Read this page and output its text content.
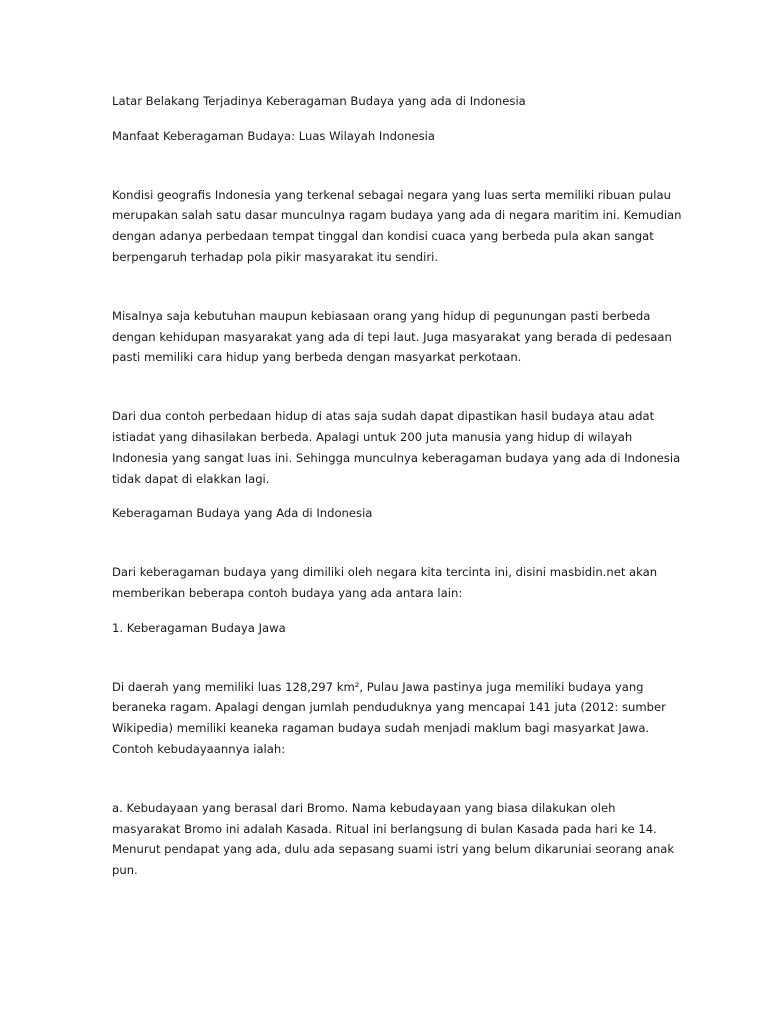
Latar Belakang Terjadinya Keberagaman Budaya yang ada di Indonesia

Manfaat Keberagaman Budaya: Luas Wilayah Indonesia

Kondisi geografis Indonesia yang terkenal sebagai negara yang luas serta memiliki ribuan pulau
merupakan salah satu dasar munculnya ragam budaya yang ada di negara maritim ini. Kemudian
dengan adanya perbedaan tempat tinggal dan kondisi cuaca yang berbeda pula akan sangat
berpengaruh terhadap pola pikir masyarakat itu sendiri.
Misalnya saja kebutuhan maupun kebiasaan orang yang hidup di pegunungan pasti berbeda
dengan kehidupan masyarakat yang ada di tepi laut. Juga masyarakat yang berada di pedesaan
pasti memiliki cara hidup yang berbeda dengan masyarkat perkotaan.
Dari dua contoh perbedaan hidup di atas saja sudah dapat dipastikan hasil budaya atau adat
istiadat yang dihasilakan berbeda. Apalagi untuk 200 juta manusia yang hidup di wilayah
Indonesia yang sangat luas ini. Sehingga munculnya keberagaman budaya yang ada di Indonesia
tidak dapat di elakkan lagi.

Keberagaman Budaya yang Ada di Indonesia

Dari keberagaman budaya yang dimiliki oleh negara kita tercinta ini, disini masbidin.net akan
memberikan beberapa contoh budaya yang ada antara lain:

1. Keberagaman Budaya Jawa

Di daerah yang memiliki luas 128,297 km², Pulau Jawa pastinya juga memiliki budaya yang
beraneka ragam. Apalagi dengan jumlah penduduknya yang mencapai 141 juta (2012: sumber
Wikipedia) memiliki keaneka ragaman budaya sudah menjadi maklum bagi masyarkat Jawa.
Contoh kebudayaannya ialah:
a. Kebudayaan yang berasal dari Bromo. Nama kebudayaan yang biasa dilakukan oleh
masyarakat Bromo ini adalah Kasada. Ritual ini berlangsung di bulan Kasada pada hari ke 14.
Menurut pendapat yang ada, dulu ada sepasang suami istri yang belum dikaruniai seorang anak
pun.
